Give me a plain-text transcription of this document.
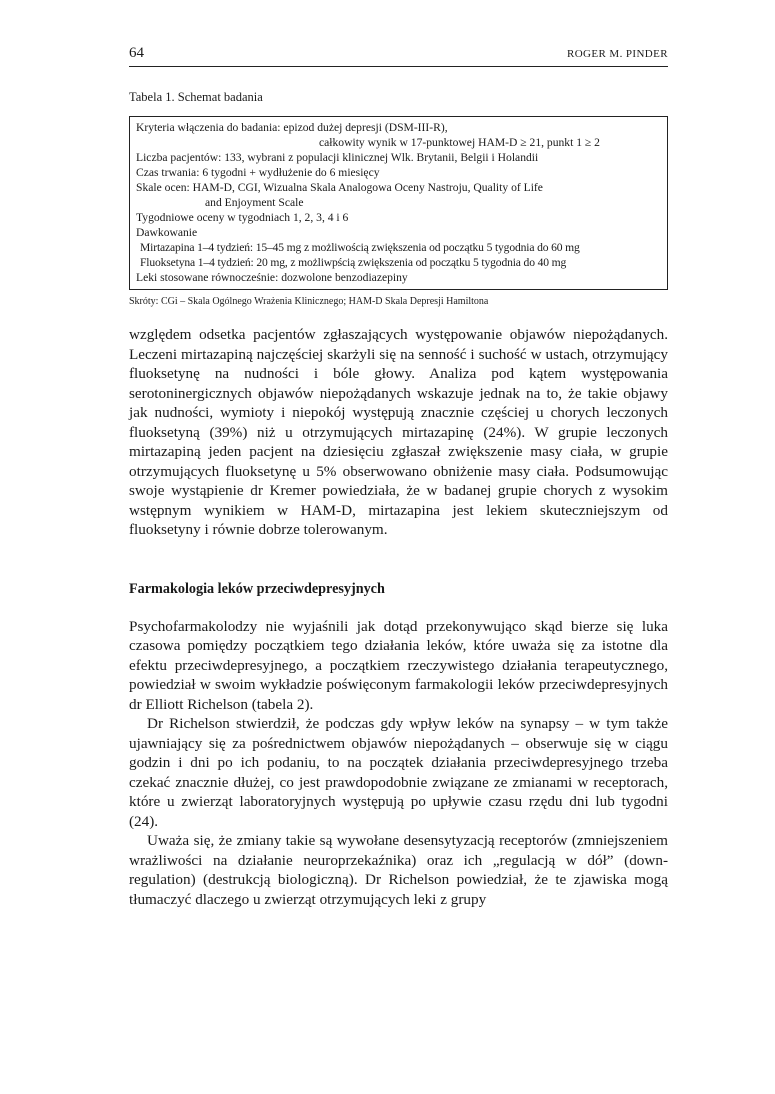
64	ROGER M. PINDER
Tabela 1. Schemat badania
Kryteria włączenia do badania: epizod dużej depresji (DSM-III-R),
całkowity wynik w 17-punktowej HAM-D ≥ 21, punkt 1 ≥ 2
Liczba pacjentów: 133, wybrani z populacji klinicznej Wlk. Brytanii, Belgii i Holandii
Czas trwania: 6 tygodni + wydłużenie do 6 miesięcy
Skale ocen: HAM-D, CGI, Wizualna Skala Analogowa Oceny Nastroju, Quality of Life
and Enjoyment Scale
Tygodniowe oceny w tygodniach 1, 2, 3, 4 i 6
Dawkowanie
Mirtazapina 1–4 tydzień: 15–45 mg z możliwością zwiększenia od początku 5 tygodnia do 60 mg
Fluoksetyna 1–4 tydzień: 20 mg, z możliwpścią zwiększenia od początku 5 tygodnia do 40 mg
Leki stosowane równocześnie: dozwolone benzodiazepiny
Skróty: CGi – Skala Ogólnego Wrażenia Klinicznego; HAM-D Skala Depresji Hamiltona

względem odsetka pacjentów zgłaszających występowanie objawów niepożądanych. Leczeni mirtazapiną najczęściej skarżyli się na senność i suchość w ustach, otrzymujący fluoksetynę na nudności i bóle głowy. Analiza pod kątem występowania serotoninergicznych objawów niepożądanych wskazuje jednak na to, że takie objawy jak nudności, wymioty i niepokój występują znacznie częściej u chorych leczonych fluoksetyną (39%) niż u otrzymujących mirtazapinę (24%). W grupie leczonych mirtazapiną jeden pacjent na dziesięciu zgłaszał zwiększenie masy ciała, w grupie otrzymujących fluoksetynę u 5% obserwowano obniżenie masy ciała. Podsumowując swoje wystąpienie dr Kremer powiedziała, że w badanej grupie chorych z wysokim wstępnym wynikiem w HAM-D, mirtazapina jest lekiem skuteczniejszym od fluoksetyny i równie dobrze tolerowanym.

Farmakologia leków przeciwdepresyjnych

Psychofarmakolodzy nie wyjaśnili jak dotąd przekonywująco skąd bierze się luka czasowa pomiędzy początkiem tego działania leków, które uważa się za istotne dla efektu przeciwdepresyjnego, a początkiem rzeczywistego działania terapeutycznego, powiedział w swoim wykładzie poświęconym farmakologii leków przeciwdepresyjnych dr Elliott Richelson (tabela 2).

Dr Richelson stwierdził, że podczas gdy wpływ leków na synapsy – w tym także ujawniający się za pośrednictwem objawów niepożądanych – obserwuje się w ciągu godzin i dni po ich podaniu, to na początek działania przeciwdepresyjnego trzeba czekać znacznie dłużej, co jest prawdopodobnie związane ze zmianami w receptorach, które u zwierząt laboratoryjnych występują po upływie czasu rzędu dni lub tygodni (24).

Uważa się, że zmiany takie są wywołane desensytyzacją receptorów (zmniejszeniem wrażliwości na działanie neuroprzekaźnika) oraz ich „regulacją w dół” (down-regulation) (destrukcją biologiczną). Dr Richelson powiedział, że te zjawiska mogą tłumaczyć dlaczego u zwierząt otrzymujących leki z grupy
